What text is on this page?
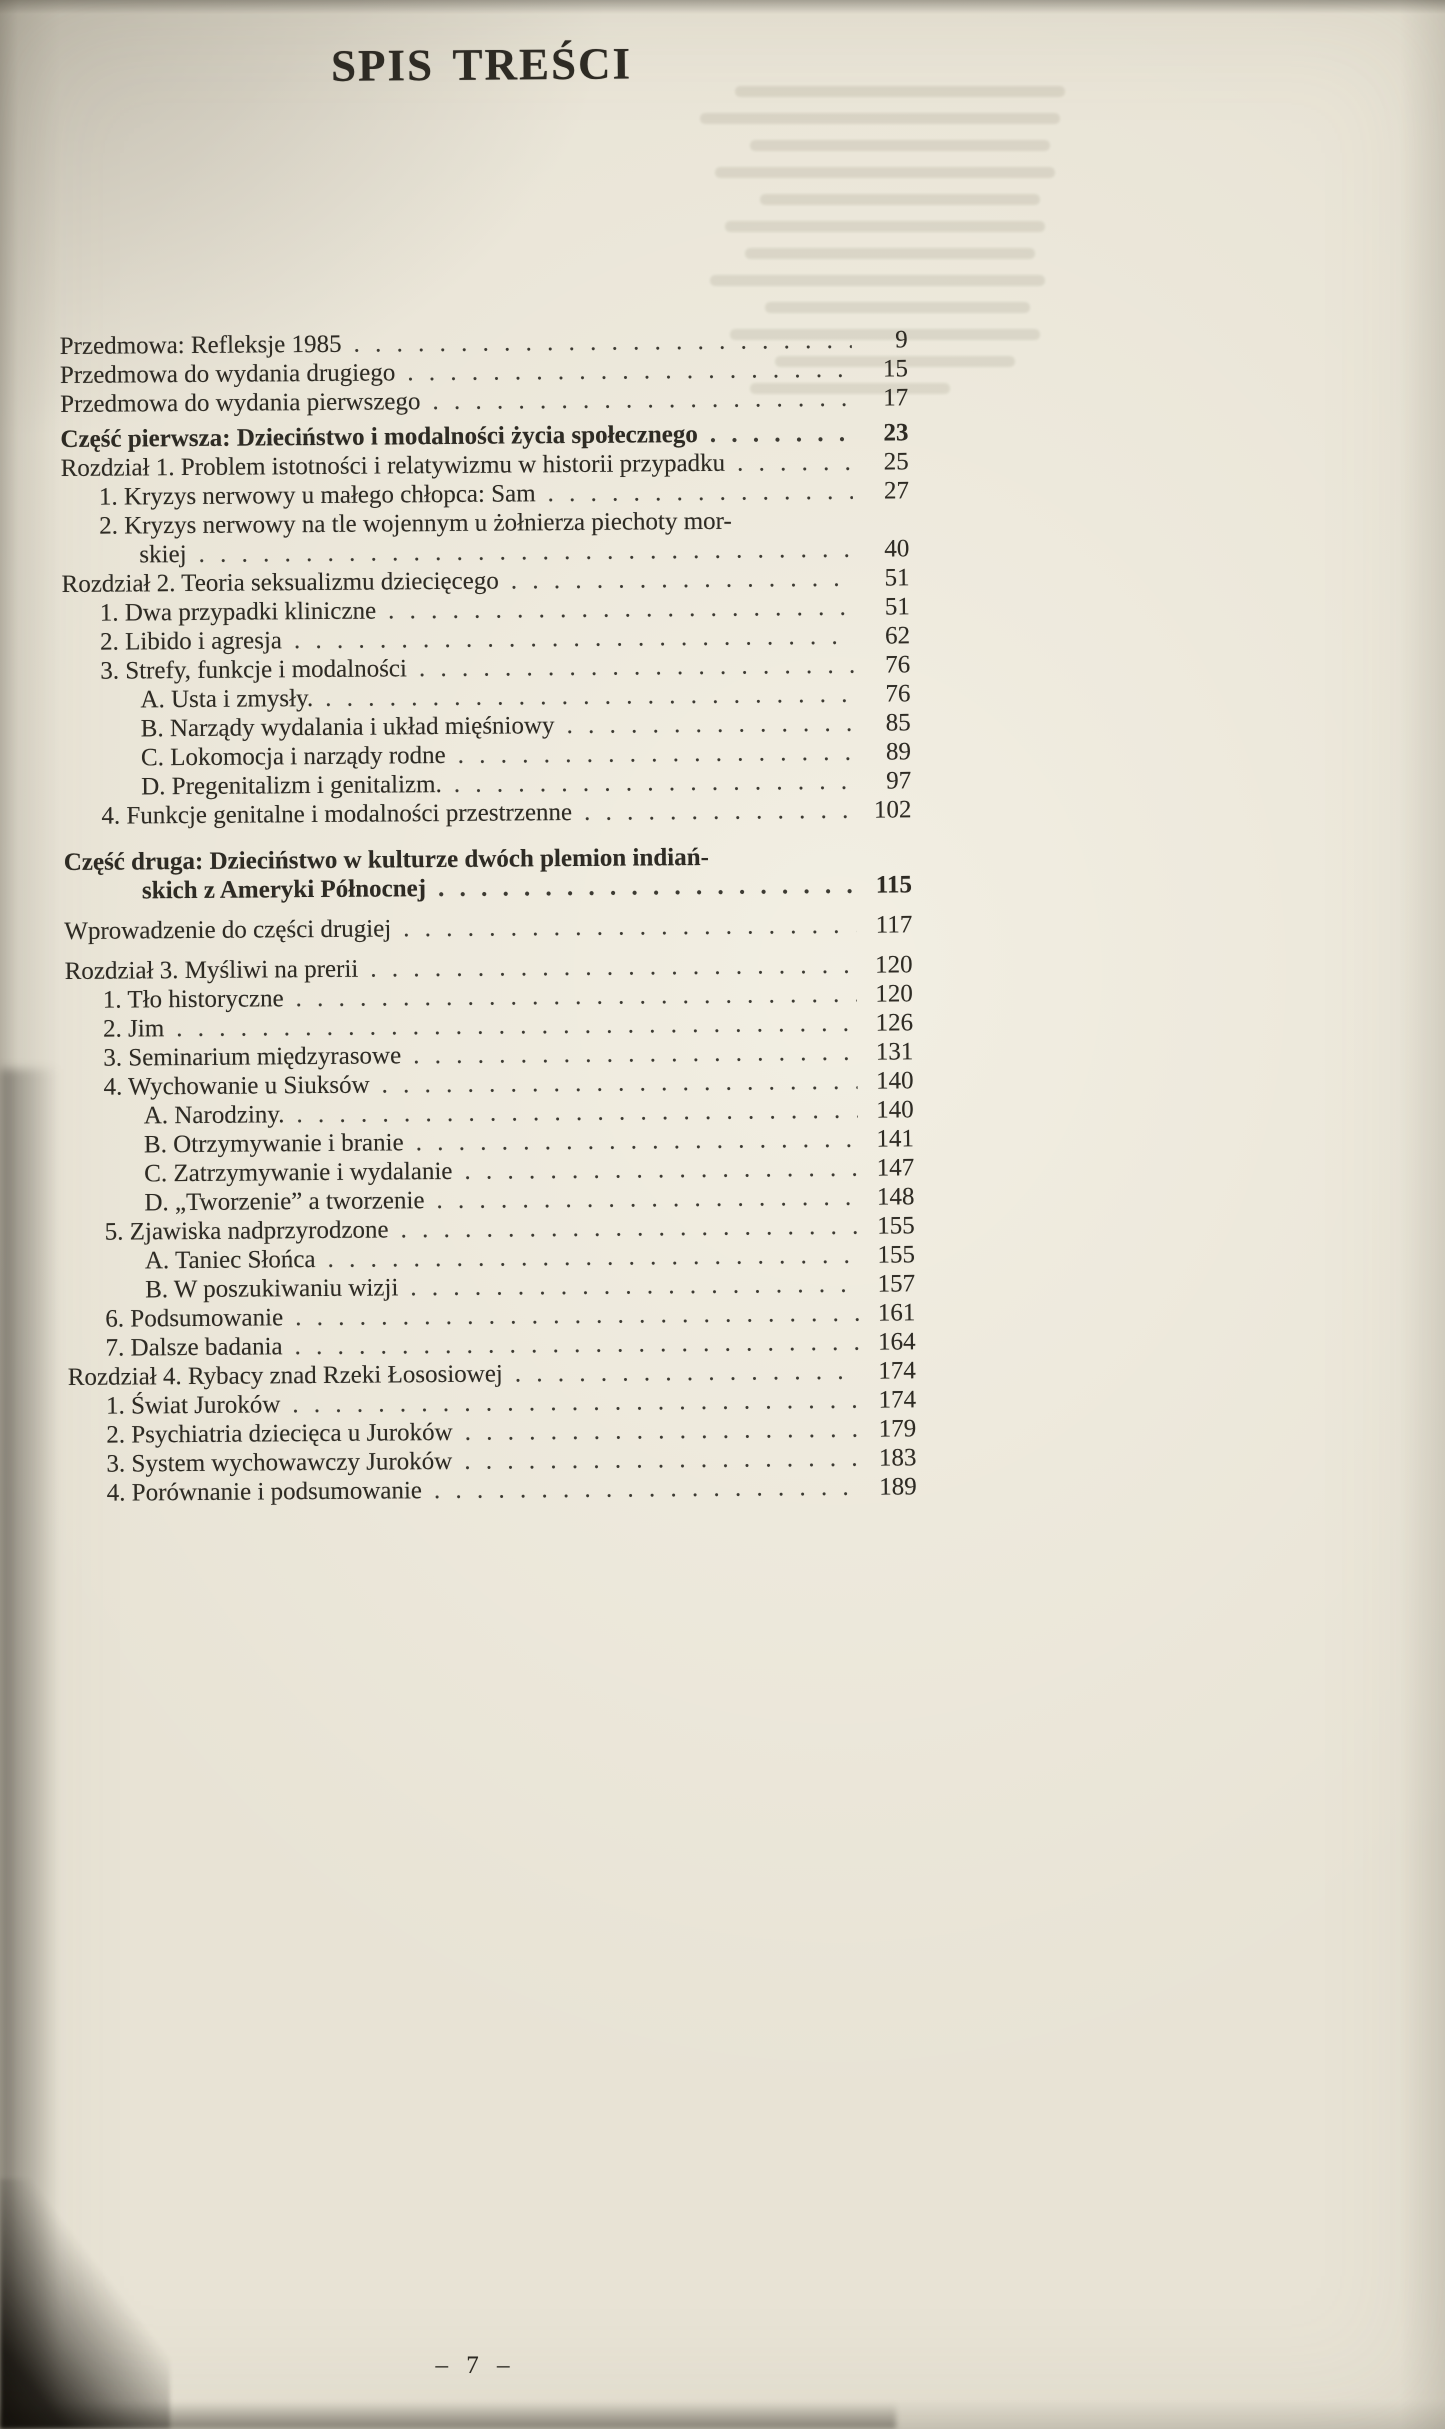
SPIS TREŚCI
Przedmowa: Refleksje 1985 . . .	9
Przedmowa do wydania drugiego . . .	15
Przedmowa do wydania pierwszego . . .	17
Część pierwsza: Dzieciństwo i modalności życia społecznego . . .	23
Rozdział 1. Problem istotności i relatywizmu w historii przypadku . . .	25
1. Kryzys nerwowy u małego chłopca: Sam . . .	27
2. Kryzys nerwowy na tle wojennym u żołnierza piechoty mor-
skiej . . .	40
Rozdział 2. Teoria seksualizmu dziecięcego . . .	51
1. Dwa przypadki kliniczne . . .	51
2. Libido i agresja . . .	62
3. Strefy, funkcje i modalności . . .	76
A. Usta i zmysły. . . .	76
B. Narządy wydalania i układ mięśniowy . . .	85
C. Lokomocja i narządy rodne . . .	89
D. Pregenitalizm i genitalizm. . . .	97
4. Funkcje genitalne i modalności przestrzenne . . .	102
Część druga: Dzieciństwo w kulturze dwóch plemion indiań-
skich z Ameryki Północnej . . .	115
Wprowadzenie do części drugiej . . .	117
Rozdział 3. Myśliwi na prerii . . .	120
1. Tło historyczne . . .	120
2. Jim . . .	126
3. Seminarium międzyrasowe . . .	131
4. Wychowanie u Siuksów . . .	140
A. Narodziny. . . .	140
B. Otrzymywanie i branie . . .	141
C. Zatrzymywanie i wydalanie . . .	147
D. „Tworzenie” a tworzenie . . .	148
5. Zjawiska nadprzyrodzone . . .	155
A. Taniec Słońca . . .	155
B. W poszukiwaniu wizji . . .	157
6. Podsumowanie . . .	161
7. Dalsze badania . . .	164
Rozdział 4. Rybacy znad Rzeki Łososiowej . . .	174
1. Świat Juroków . . .	174
2. Psychiatria dziecięca u Juroków . . .	179
3. System wychowawczy Juroków . . .	183
4. Porównanie i podsumowanie . . .	189
– 7 –
